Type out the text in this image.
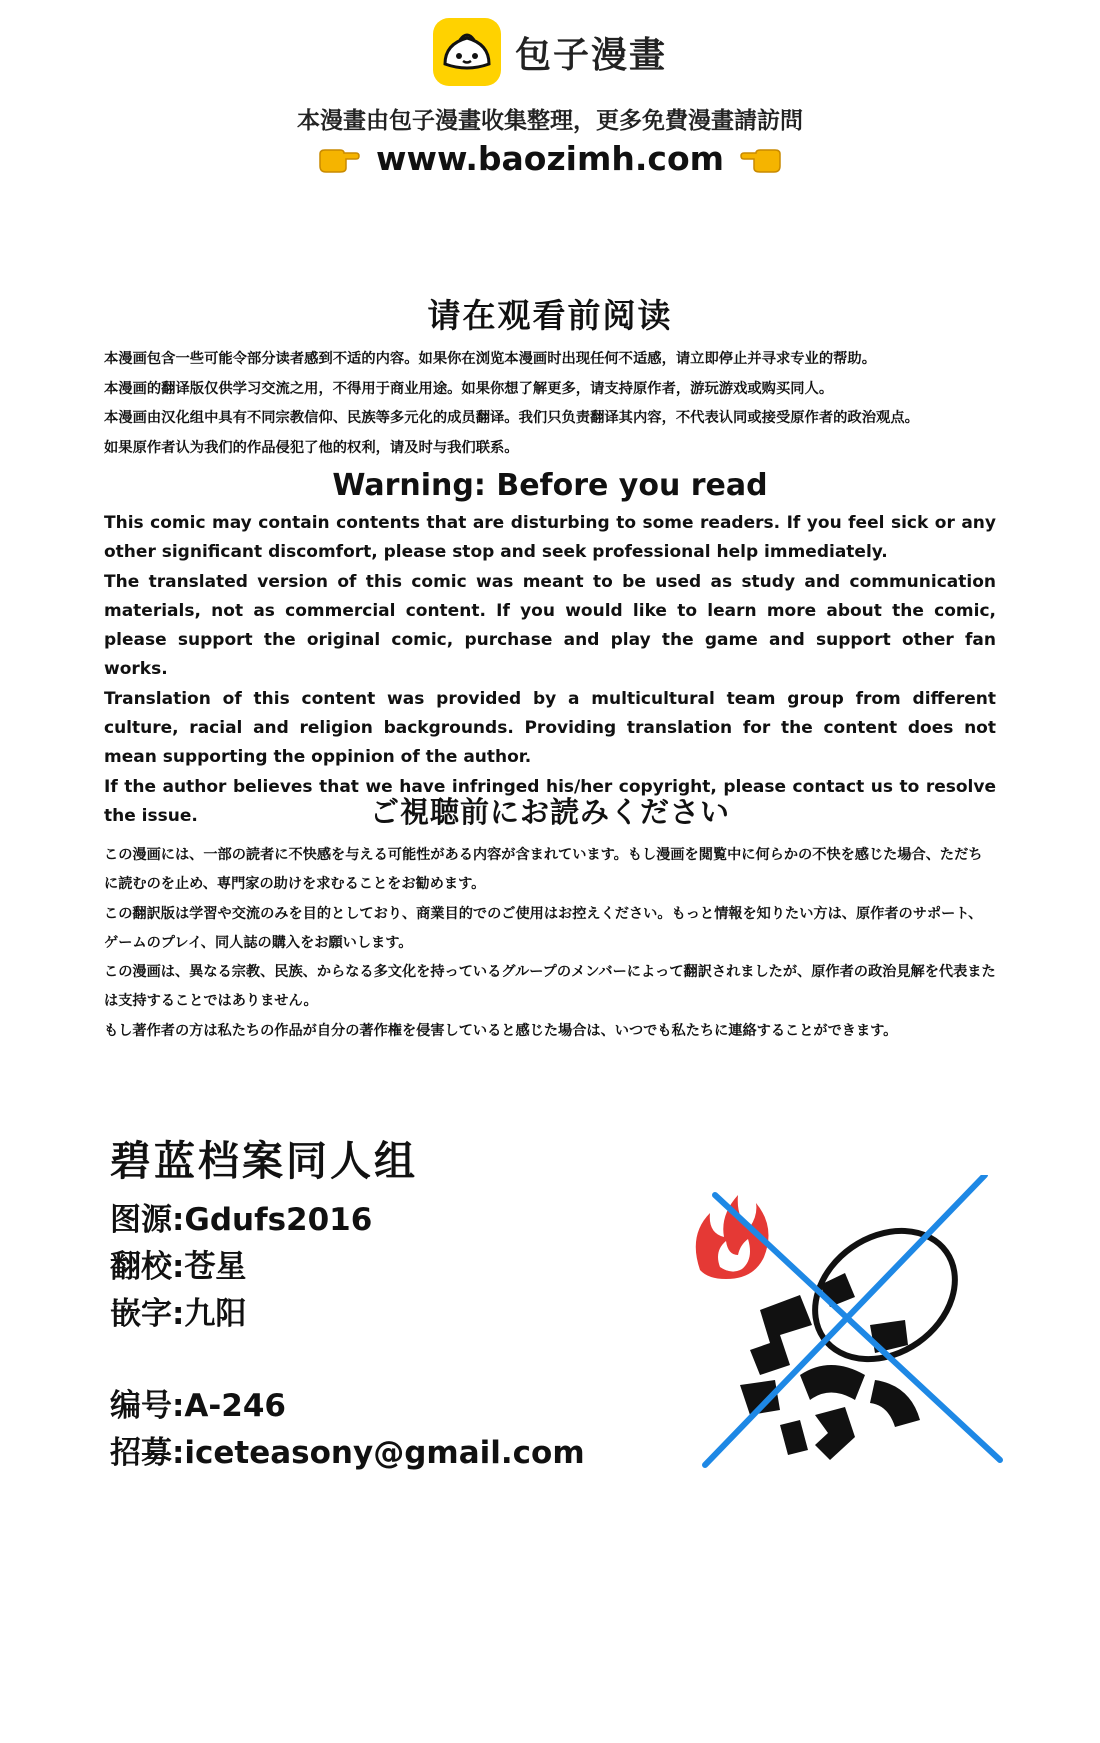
包子漫畫
本漫畫由包子漫畫收集整理，更多免費漫畫請訪問
www.baozimh.com
请在观看前阅读

本漫画包含一些可能令部分读者感到不适的内容。如果你在浏览本漫画时出现任何不适感，请立即停止并寻求专业的帮助。

本漫画的翻译版仅供学习交流之用，不得用于商业用途。如果你想了解更多，请支持原作者，游玩游戏或购买同人。

本漫画由汉化组中具有不同宗教信仰、民族等多元化的成员翻译。我们只负责翻译其内容，不代表认同或接受原作者的政治观点。

如果原作者认为我们的作品侵犯了他的权利，请及时与我们联系。

Warning: Before you read

This comic may contain contents that are disturbing to some readers. If you feel sick or any other significant discomfort, please stop and seek professional help immediately.

The translated version of this comic was meant to be used as study and communication materials, not as commercial content. If you would like to learn more about the comic, please support the original comic, purchase and play the game and support other fan works.

Translation of this content was provided by a multicultural team group from different culture, racial and religion backgrounds. Providing translation for the content does not mean supporting the oppinion of the author.

If the author believes that we have infringed his/her copyright, please contact us to resolve the issue.	ご視聴前にお読みください

この漫画には、一部の読者に不快感を与える可能性がある内容が含まれています。もし漫画を閲覧中に何らかの不快を感じた場合、ただちに読むのを止め、専門家の助けを求むることをお勧めます。

この翻訳版は学習や交流のみを目的としており、商業目的でのご使用はお控えください。もっと情報を知りたい方は、原作者のサポート、ゲームのプレイ、同人誌の購入をお願いします。

この漫画は、異なる宗教、民族、からなる多文化を持っているグループのメンバーによって翻訳されましたが、原作者の政治見解を代表または支持することではありません。

もし著作者の方は私たちの作品が自分の著作権を侵害していると感じた場合は、いつでも私たちに連絡することができます。

碧蓝档案同人组
图源:Gdufs2016
翻校:苍星
嵌字:九阳
编号:A-246
招募:iceteasony@gmail.com
